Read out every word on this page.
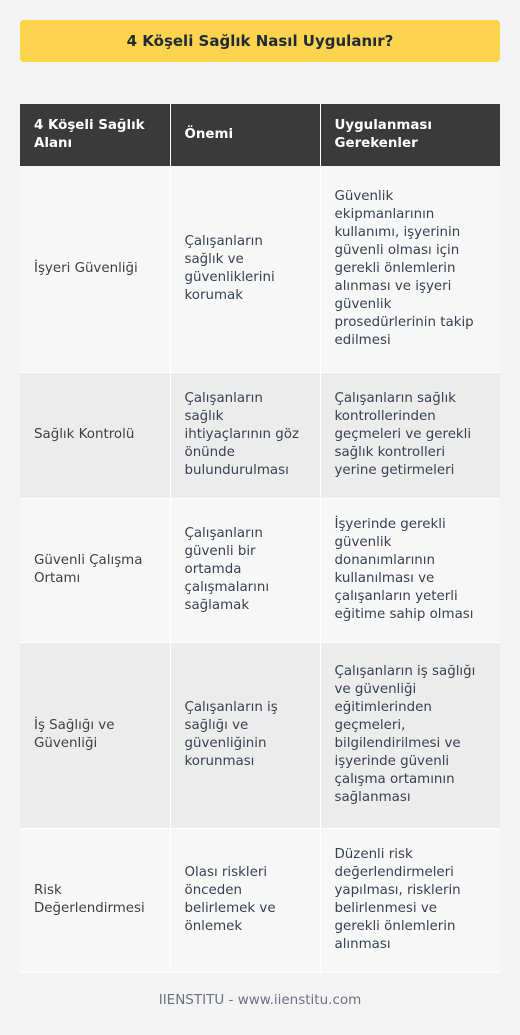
4 Köşeli Sağlık Nasıl Uygulanır?
4 Köşeli Sağlık Alanı	Önemi	Uygulanması Gerekenler
İşyeri Güvenliği	Çalışanların sağlık ve güvenliklerini korumak	Güvenlik ekipmanlarının kullanımı, işyerinin güvenli olması için gerekli önlemlerin alınması ve işyeri güvenlik prosedürlerinin takip edilmesi
Sağlık Kontrolü	Çalışanların sağlık ihtiyaçlarının göz önünde bulundurulması	Çalışanların sağlık kontrollerinden geçmeleri ve gerekli sağlık kontrolleri yerine getirmeleri
Güvenli Çalışma Ortamı	Çalışanların güvenli bir ortamda çalışmalarını sağlamak	İşyerinde gerekli güvenlik donanımlarının kullanılması ve çalışanların yeterli eğitime sahip olması
İş Sağlığı ve Güvenliği	Çalışanların iş sağlığı ve güvenliğinin korunması	Çalışanların iş sağlığı ve güvenliği eğitimlerinden geçmeleri, bilgilendirilmesi ve işyerinde güvenli çalışma ortamının sağlanması
Risk Değerlendirmesi	Olası riskleri önceden belirlemek ve önlemek	Düzenli risk değerlendirmeleri yapılması, risklerin belirlenmesi ve gerekli önlemlerin alınması
IIENSTITU - www.iienstitu.com
